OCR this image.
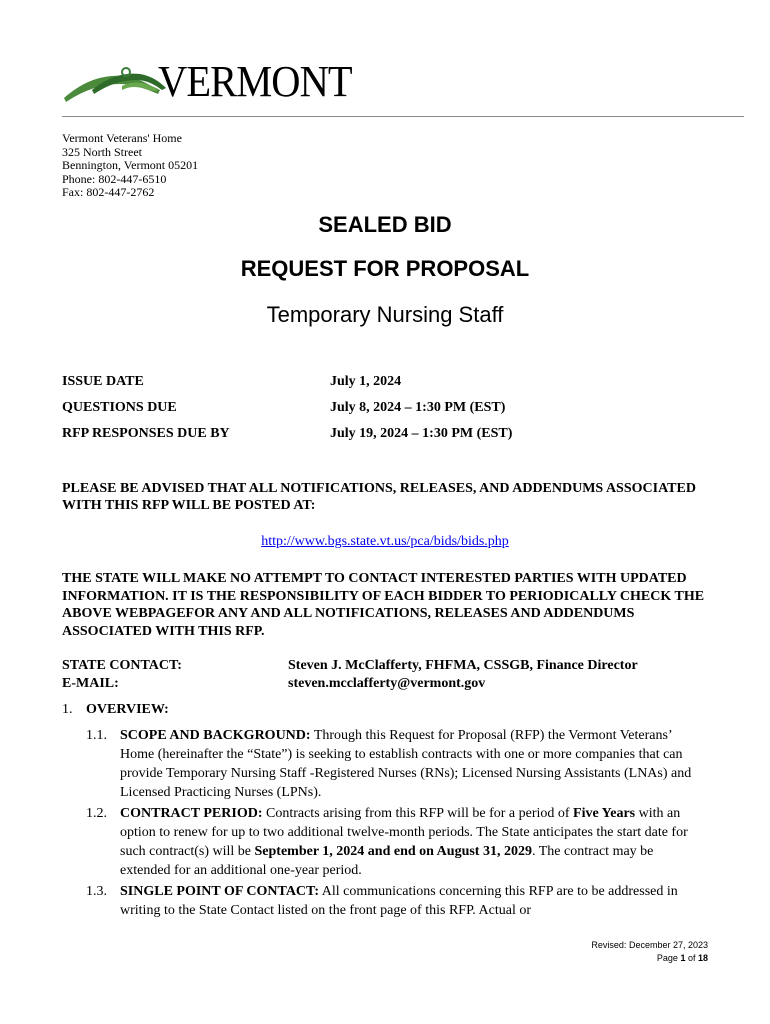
VERMONT
Vermont Veterans' Home
325 North Street
Bennington, Vermont 05201
Phone: 802-447-6510
Fax: 802-447-2762
SEALED BID
REQUEST FOR PROPOSAL
Temporary Nursing Staff
ISSUE DATE	July 1, 2024
QUESTIONS DUE	July 8, 2024 – 1:30 PM (EST)
RFP RESPONSES DUE BY	July 19, 2024 – 1:30 PM (EST)
PLEASE BE ADVISED THAT ALL NOTIFICATIONS, RELEASES, AND ADDENDUMS ASSOCIATED WITH THIS RFP WILL BE POSTED AT:
http://www.bgs.state.vt.us/pca/bids/bids.php
THE STATE WILL MAKE NO ATTEMPT TO CONTACT INTERESTED PARTIES WITH UPDATED INFORMATION. IT IS THE RESPONSIBILITY OF EACH BIDDER TO PERIODICALLY CHECK THE ABOVE WEBPAGEFOR ANY AND ALL NOTIFICATIONS, RELEASES AND ADDENDUMS ASSOCIATED WITH THIS RFP.
STATE CONTACT:	Steven J. McClafferty, FHFMA, CSSGB, Finance Director
E-MAIL:	steven.mcclafferty@vermont.gov
1. OVERVIEW:
1.1. SCOPE AND BACKGROUND: Through this Request for Proposal (RFP) the Vermont Veterans’ Home (hereinafter the “State”) is seeking to establish contracts with one or more companies that can provide Temporary Nursing Staff -Registered Nurses (RNs); Licensed Nursing Assistants (LNAs) and Licensed Practicing Nurses (LPNs).
1.2. CONTRACT PERIOD: Contracts arising from this RFP will be for a period of Five Years with an option to renew for up to two additional twelve-month periods. The State anticipates the start date for such contract(s) will be September 1, 2024 and end on August 31, 2029. The contract may be extended for an additional one-year period.
1.3. SINGLE POINT OF CONTACT: All communications concerning this RFP are to be addressed in writing to the State Contact listed on the front page of this RFP. Actual or
Revised: December 27, 2023
Page 1 of 18
